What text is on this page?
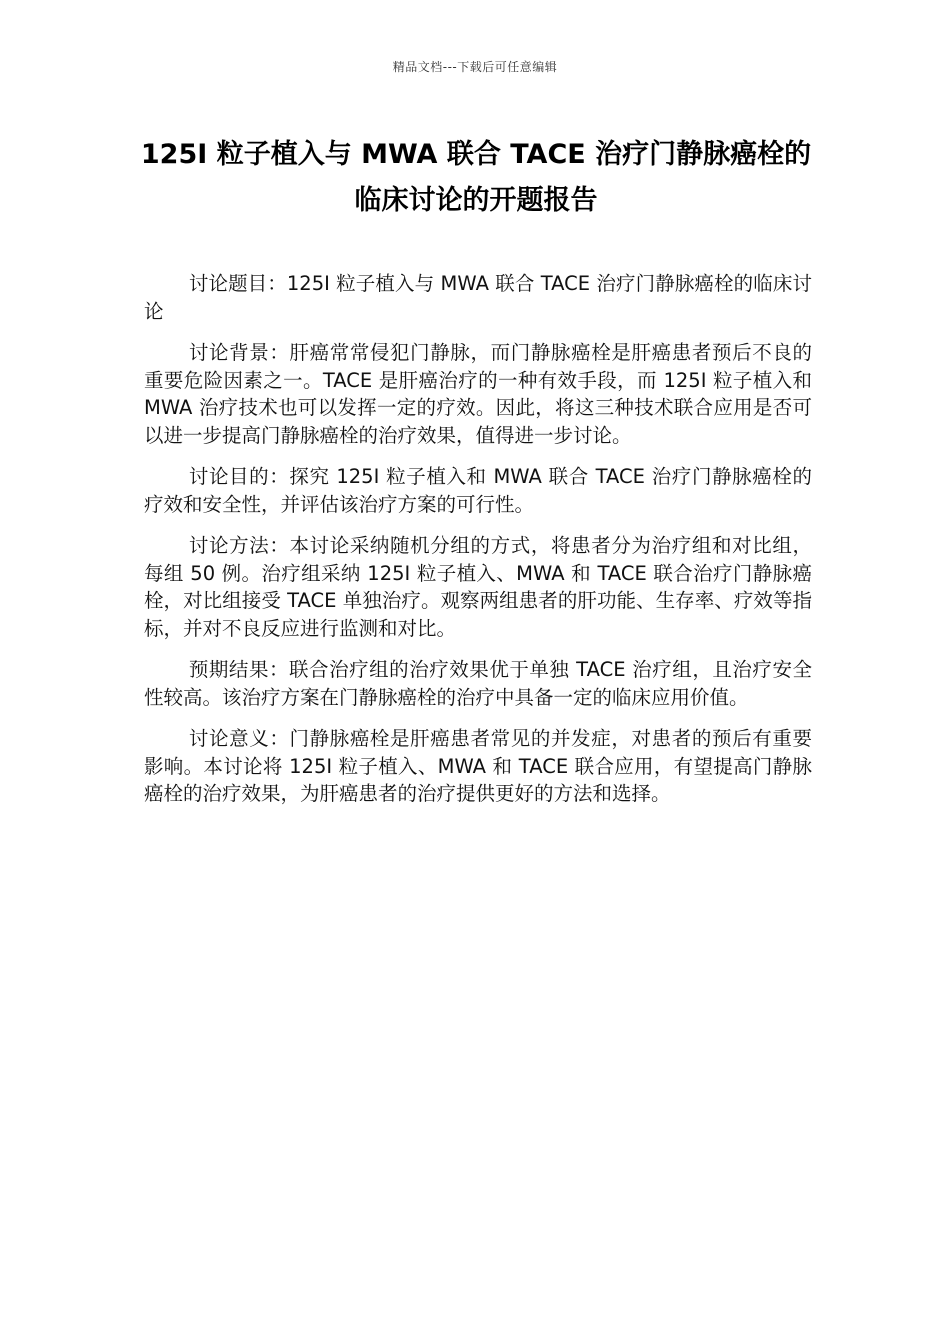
精品文档---下载后可任意编辑
125I 粒子植入与 MWA 联合 TACE 治疗门静脉癌栓的临床讨论的开题报告

讨论题目：125I 粒子植入与 MWA 联合 TACE 治疗门静脉癌栓的临床讨论

讨论背景：肝癌常常侵犯门静脉，而门静脉癌栓是肝癌患者预后不良的重要危险因素之一。TACE 是肝癌治疗的一种有效手段，而 125I 粒子植入和 MWA 治疗技术也可以发挥一定的疗效。因此，将这三种技术联合应用是否可以进一步提高门静脉癌栓的治疗效果，值得进一步讨论。

讨论目的：探究 125I 粒子植入和 MWA 联合 TACE 治疗门静脉癌栓的疗效和安全性，并评估该治疗方案的可行性。

讨论方法：本讨论采纳随机分组的方式，将患者分为治疗组和对比组，每组 50 例。治疗组采纳 125I 粒子植入、MWA 和 TACE 联合治疗门静脉癌栓，对比组接受 TACE 单独治疗。观察两组患者的肝功能、生存率、疗效等指标，并对不良反应进行监测和对比。

预期结果：联合治疗组的治疗效果优于单独 TACE 治疗组，且治疗安全性较高。该治疗方案在门静脉癌栓的治疗中具备一定的临床应用价值。

讨论意义：门静脉癌栓是肝癌患者常见的并发症，对患者的预后有重要影响。本讨论将 125I 粒子植入、MWA 和 TACE 联合应用，有望提高门静脉癌栓的治疗效果，为肝癌患者的治疗提供更好的方法和选择。
